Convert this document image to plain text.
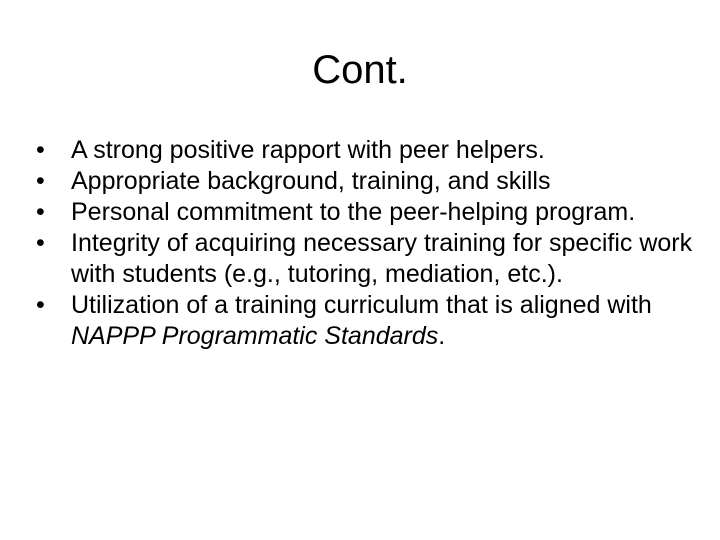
Cont.
•	A strong positive rapport with peer helpers.
•	Appropriate background, training, and skills
•	Personal commitment to the peer-helping program.
•	Integrity of acquiring necessary training for specific work with students (e.g., tutoring, mediation, etc.).
•	Utilization of a training curriculum that is aligned with NAPPP Programmatic Standards.
